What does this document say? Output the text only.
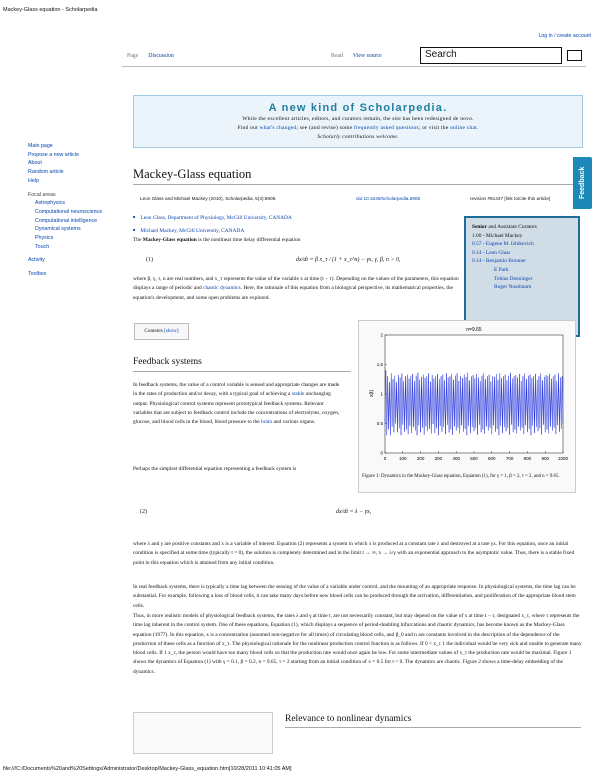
Mackey-Glass equation - Scholarpedia
file:///C:/Documents%20and%20Settings/Administrator/Desktop/Mackey-Glass_equation.htm[10/28/2011 10:41:05 AM]
Log in / create account
Page Discussion	Read View source	Search
A new kind of Scholarpedia.

While the excellent articles, editors, and curators remain, the site has been redesigned de novo.

Find out what's changed; see (and revise) some frequently asked questions; or visit the online chat.

Scholarly contributions welcome.

Main page
Propose a new article
About
Random article
Help
Focal areas
Astrophysics
Computational neuroscience
Computational intelligence
Dynamical systems
Physics
Touch
Activity
Toolbox
Feedback
Mackey-Glass equation
Leon Glass and Michael Mackey (2010), Scholarpedia, 5(3):6908.	doi:10.4249/scholarpedia.6908	revision #91447 [link to/cite this article]
Senior and Assistant Curators
1.00 - Michael Mackey
0.57 - Eugene M. Izhikevich
0.14 - Leon Glass
0.14 - Benjamin Bronner
E Park
Tobias Denninger
Roger Nussbaum
■ Leon Glass, Department of Physiology, McGill University, CANADA
■ Michael Mackey, McGill University, CANADA
The Mackey-Glass equation is the nonlinear time delay differential equation
(1)	dx/dt = β x_τ / (1 + x_τ^n) − γx, γ, β, n > 0,
where β, γ, τ, n are real numbers, and x_τ represents the value of the variable x at time (t − τ). Depending on the values of the parameters, this equation displays a range of periodic and chaotic dynamics. Here, the rationale of this equation from a biological perspective, its mathematical properties, the equation's development, and some open problems are explored.
Contents [show]
Feedback systems
In feedback systems, the value of a control variable is sensed and appropriate changes are made in the rates of production and/or decay, with a typical goal of achieving a stable unchanging output. Physiological control systems represent prototypical feedback systems. Relevant variables that are subject to feedback control include the concentrations of electrolytes, oxygen, glucose, and blood cells in the blood, blood pressure to the brain and various organs.
Perhaps the simplest differential equation representing a feedback system is
n=9.65
x(t)
0	100 200 300 400 500 600 700 800 900 1000
0
0.5
1
1.5
2
Figure 1: Dynamics in the Mackey-Glass equation, Equation (1), for γ = 1, β = 2, τ = 2, and n = 9.65.
(2)	dx/dt = λ − γx,
where λ and γ are positive constants and x is a variable of interest. Equation (2) represents a system in which x is produced at a constant rate λ and destroyed at a rate γx. For this equation, once an initial condition is specified at some time (typically t = 0), the solution is completely determined and in the limit t → ∞, x → λ/γ with an exponential approach to the asymptotic value. Thus, there is a stable fixed point in this equation which is attained from any initial condition.
In real feedback systems, there is typically a time lag between the sensing of the value of a variable under control, and the mounting of an appropriate response. In physiological systems, the time lag can be substantial. For example, following a loss of blood cells, it can take many days before new blood cells can be produced through the activation, differentiation, and proliferation of the appropriate blood stem cells.
Thus, in more realistic models of physiological feedback systems, the rates λ and γ at time t, are not necessarily constant, but may depend on the value of x at time t − τ, designated x_τ, where τ represents the time lag inherent in the control system. One of these equations, Equation (1), which displays a sequence of period-doubling bifurcations and chaotic dynamics, has become known as the Mackey-Glass equation (1977). In this equation, x is a concentration (assumed non-negative for all times) of circulating blood cells, and β_0 and n are constants involved in the description of the dependence of the production of these cells as a function of x_τ. The physiological rationale for the nonlinear production control function is as follows. If 0 < x_τ 1 the individual would be very sick and unable to generate many blood cells. If 1 x_τ, the person would have too many blood cells so that the production rate would once again be low. For some intermediate values of x_τ the production rate would be maximal. Figure 1 shows the dynamics of Equation (1) with γ = 0.1, β = 0.2, n = 9.65, τ = 2 starting from an initial condition of x = 0.5 for t < 0. The dynamics are chaotic. Figure 2 shows a time-delay embedding of the dynamics.
Relevance to nonlinear dynamics
